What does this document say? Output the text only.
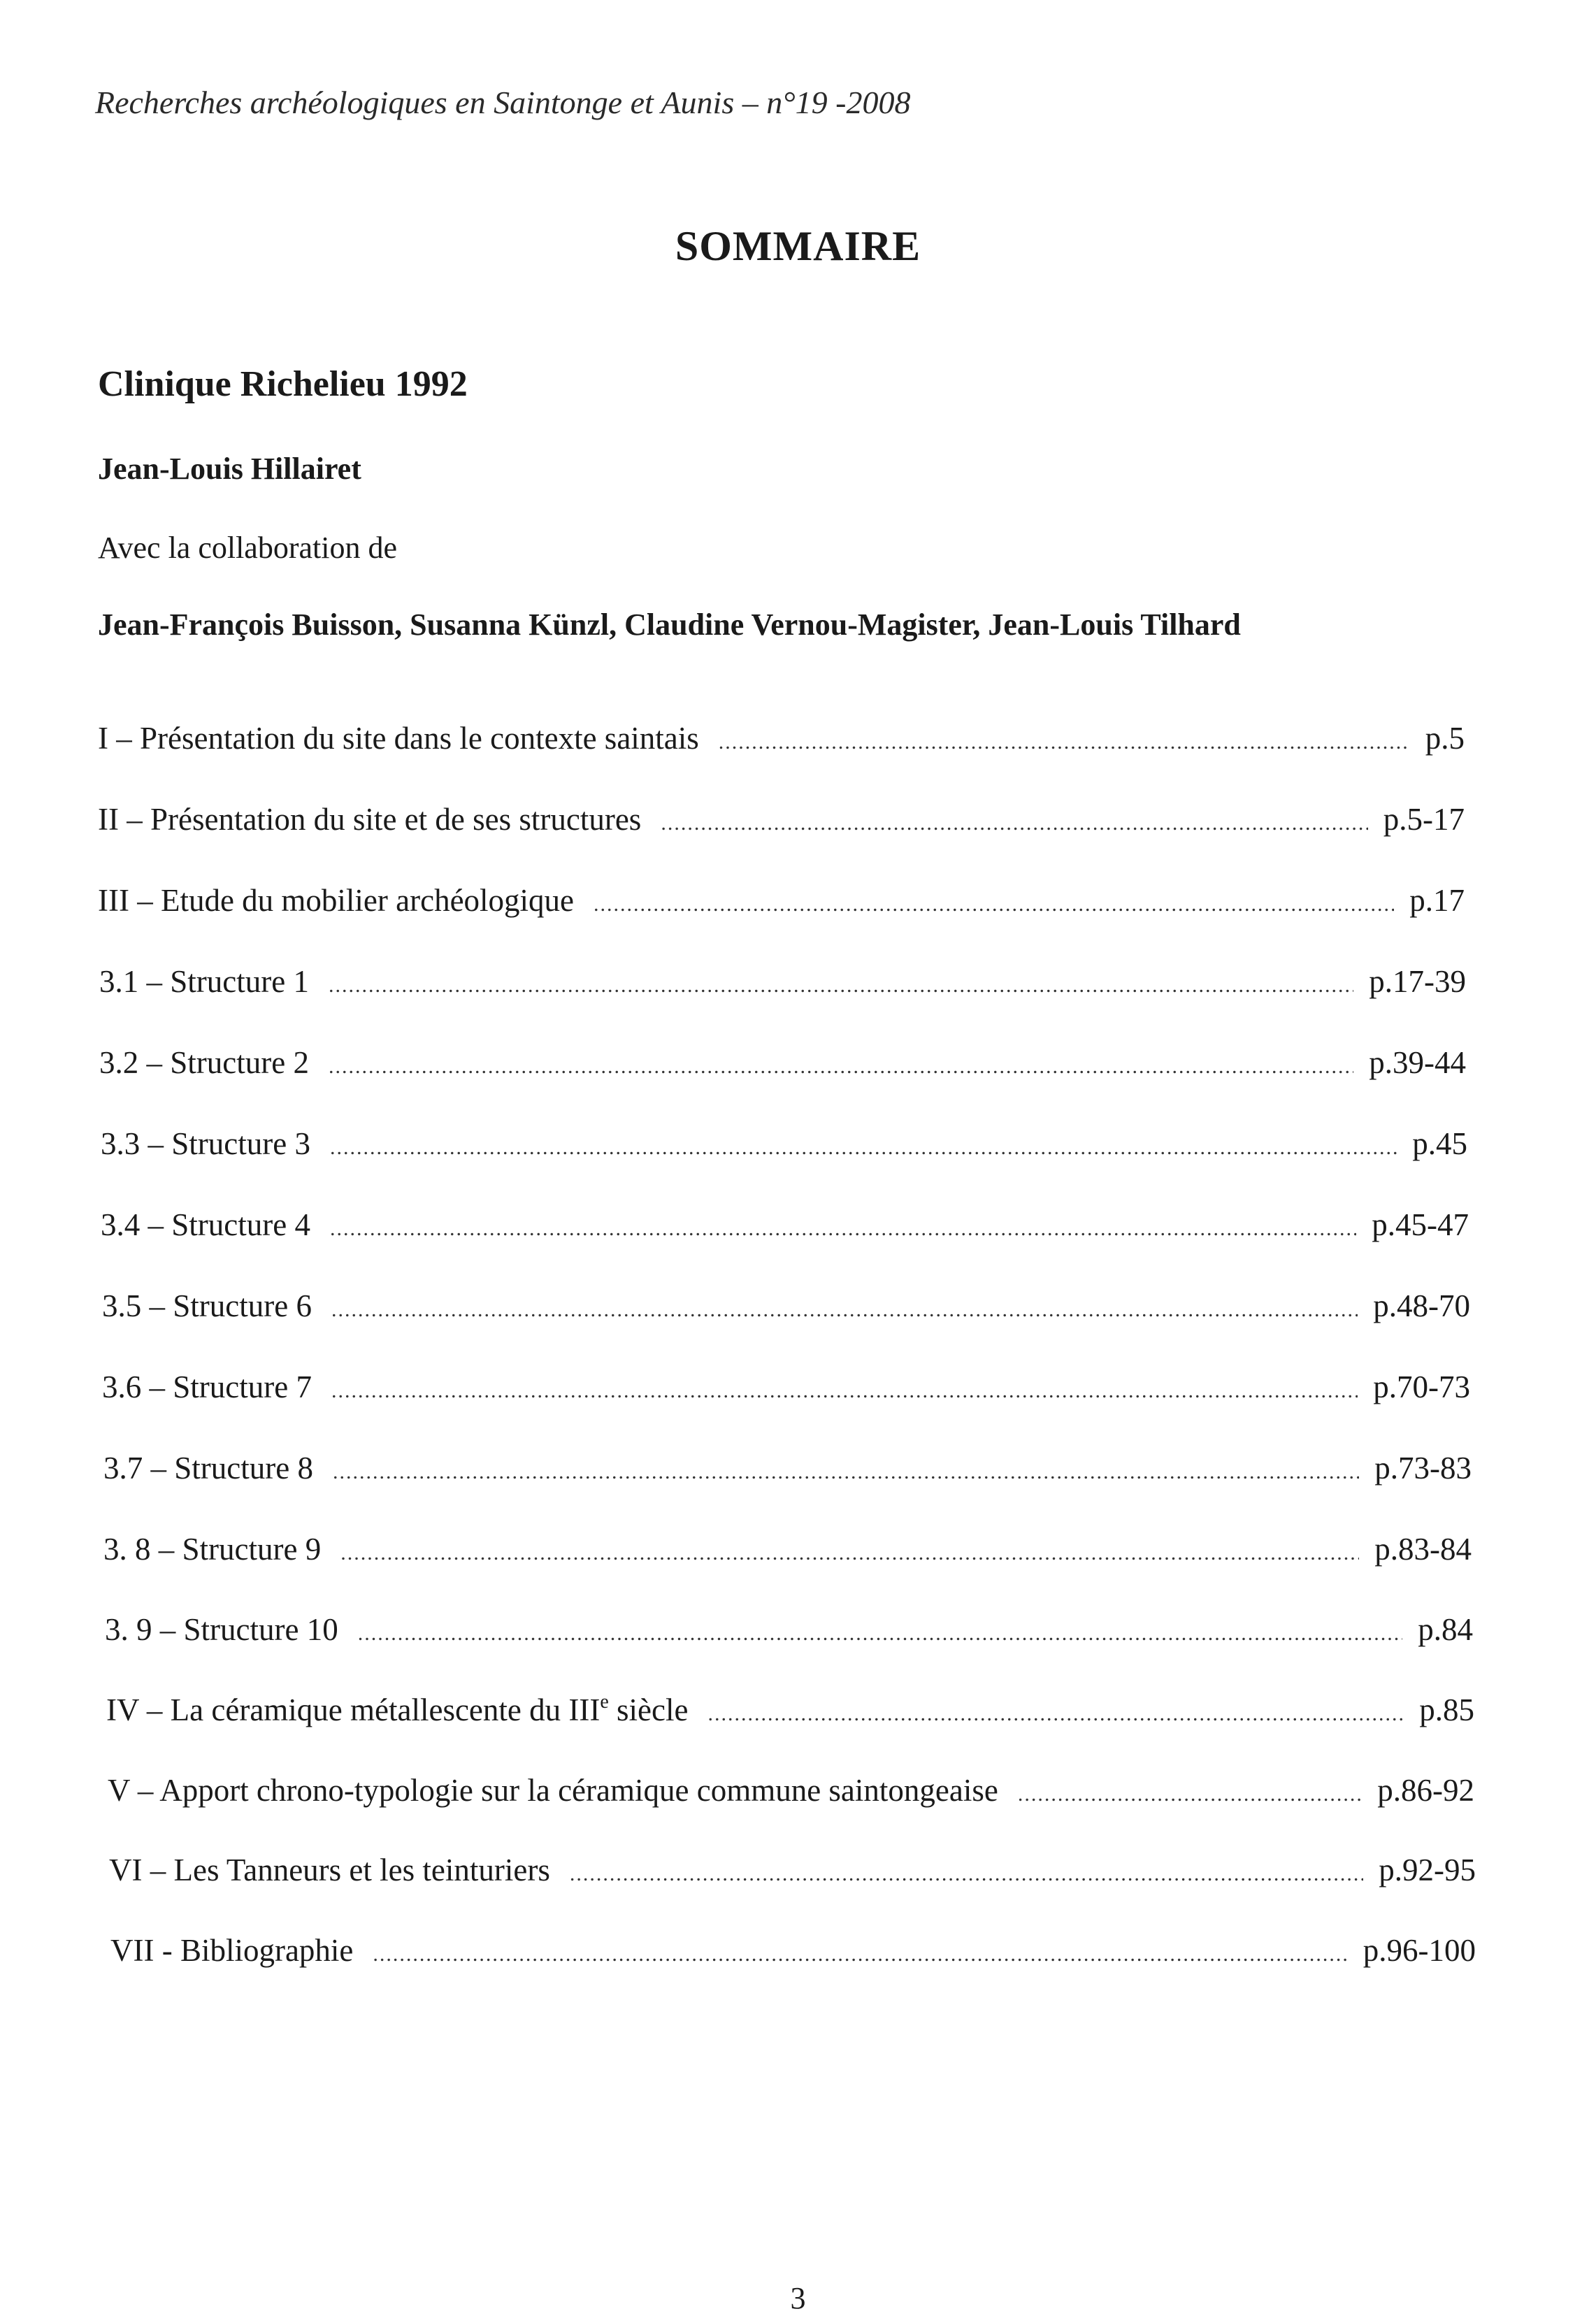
Recherches archéologiques en Saintonge et Aunis – n°19 -2008
SOMMAIRE
Clinique Richelieu 1992
Jean-Louis Hillairet
Avec la collaboration de
Jean-François Buisson, Susanna Künzl, Claudine Vernou-Magister, Jean-Louis Tilhard
I – Présentation du site dans le contexte saintais .....	p.5
II – Présentation du site et de ses structures .....	p.5-17
III – Etude du mobilier archéologique .....	p.17
3.1 – Structure 1 .....	p.17-39
3.2 – Structure 2 .....	p.39-44
3.3 – Structure 3 .....	p.45
3.4 – Structure 4 .....	p.45-47
3.5 – Structure 6 .....	p.48-70
3.6 – Structure 7 .....	p.70-73
3.7 – Structure 8 .....	p.73-83
3. 8 – Structure 9 .....	p.83-84
3. 9 – Structure 10 .....	p.84
IV – La céramique métallescente du IIIe siècle .....	p.85
V – Apport chrono-typologie sur la céramique commune saintongeaise .....	p.86-92
VI – Les Tanneurs et les teinturiers .....	p.92-95
VII - Bibliographie .....	p.96-100
3
